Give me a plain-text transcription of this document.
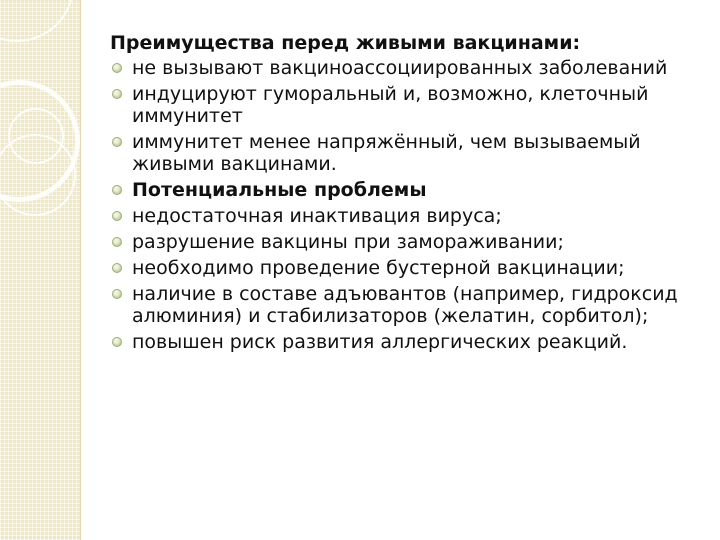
Преимущества перед живыми вакцинами:
не вызывают вакциноассоциированных заболеваний
индуцируют гуморальный и, возможно, клеточный иммунитет
иммунитет менее напряжённый, чем вызываемый живыми вакцинами.
Потенциальные проблемы
недостаточная инактивация вируса;
разрушение вакцины при замораживании;
необходимо проведение бустерной вакцинации;
наличие в составе адъювантов (например, гидроксид алюминия) и стабилизаторов (желатин, сорбитол);
повышен риск развития аллергических реакций.
